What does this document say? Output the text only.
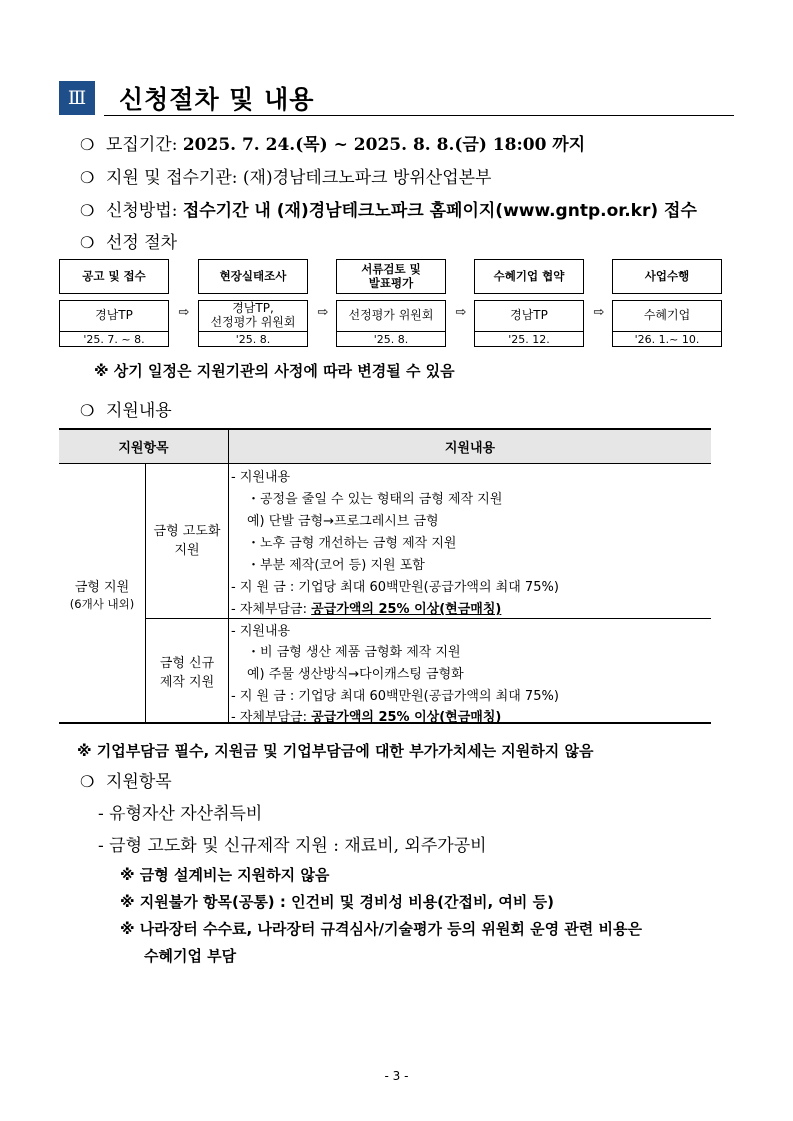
Ⅲ	신청절차 및 내용
❍ 모집기간: 2025. 7. 24.(목) ~ 2025. 8. 8.(금) 18:00 까지
❍ 지원 및 접수기관: (재)경남테크노파크 방위산업본부
❍ 신청방법: 접수기간 내 (재)경남테크노파크 홈페이지(www.gntp.or.kr) 접수
❍ 선정 절차
공고 및 접수
경남TP
'25. 7. ~ 8.
⇨
현장실태조사
경남TP,
선정평가 위원회
'25. 8.
⇨
서류검토 및
발표평가
선정평가 위원회
'25. 8.
⇨
수혜기업 협약
경남TP
'25. 12.
⇨
사업수행
수혜기업
'26. 1.~ 10.
※ 상기 일정은 지원기관의 사정에 따라 변경될 수 있음
❍ 지원내용
지원항목	지원내용
금형 지원
(6개사 내외)
금형 고도화
지원
- 지원내용
・공정을 줄일 수 있는 형태의 금형 제작 지원
예) 단발 금형→프로그레시브 금형
・노후 금형 개선하는 금형 제작 지원
・부분 제작(코어 등) 지원 포함
- 지 원 금 : 기업당 최대 60백만원(공급가액의 최대 75%)
- 자체부담금: 공급가액의 25% 이상(현금매칭)
금형 신규
제작 지원
- 지원내용
・비 금형 생산 제품 금형화 제작 지원
예) 주물 생산방식→다이캐스팅 금형화
- 지 원 금 : 기업당 최대 60백만원(공급가액의 최대 75%)
- 자체부담금: 공급가액의 25% 이상(현금매칭)
※ 기업부담금 필수, 지원금 및 기업부담금에 대한 부가가치세는 지원하지 않음
❍ 지원항목
- 유형자산 자산취득비
- 금형 고도화 및 신규제작 지원 : 재료비, 외주가공비
※ 금형 설계비는 지원하지 않음
※ 지원불가 항목(공통) : 인건비 및 경비성 비용(간접비, 여비 등)
※ 나라장터 수수료, 나라장터 규격심사/기술평가 등의 위원회 운영 관련 비용은
수혜기업 부담
- 3 -
